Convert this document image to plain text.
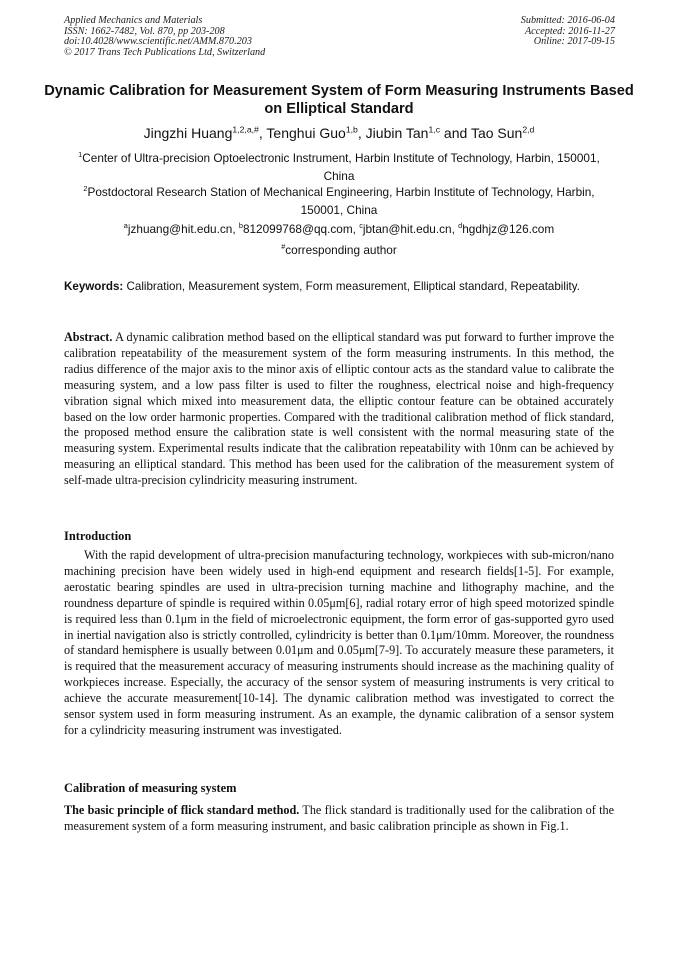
Applied Mechanics and Materials
ISSN: 1662-7482, Vol. 870, pp 203-208
doi:10.4028/www.scientific.net/AMM.870.203
© 2017 Trans Tech Publications Ltd, Switzerland
Submitted: 2016-06-04
Accepted: 2016-11-27
Online: 2017-09-15
Dynamic Calibration for Measurement System of Form Measuring Instruments Based on Elliptical Standard
Jingzhi Huang$^{1,2,a,\#}$, Tenghui Guo$^{1,b}$, Jiubin Tan$^{1,c}$ and Tao Sun$^{2,d}$
$^1$Center of Ultra-precision Optoelectronic Instrument, Harbin Institute of Technology, Harbin, 150001, China
$^2$Postdoctoral Research Station of Mechanical Engineering, Harbin Institute of Technology, Harbin, 150001, China
$^a$jzhuang@hit.edu.cn, $^b$812099768@qq.com, $^c$jbtan@hit.edu.cn, $^d$hgdhjz@126.com
#corresponding author
Keywords: Calibration, Measurement system, Form measurement, Elliptical standard, Repeatability.
Abstract. A dynamic calibration method based on the elliptical standard was put forward to further improve the calibration repeatability of the measurement system of the form measuring instruments. In this method, the radius difference of the major axis to the minor axis of elliptic contour acts as the standard value to calibrate the measuring system, and a low pass filter is used to filter the roughness, electrical noise and high-frequency vibration signal which mixed into measurement data, the elliptic contour feature can be obtained accurately based on the low order harmonic properties. Compared with the traditional calibration method of flick standard, the proposed method ensure the calibration state is well consistent with the normal measuring state of the measuring system. Experimental results indicate that the calibration repeatability with 10nm can be achieved by measuring an elliptical standard. This method has been used for the calibration of the measurement system of self-made ultra-precision cylindricity measuring instrument.
Introduction
With the rapid development of ultra-precision manufacturing technology, workpieces with sub-micron/nano machining precision have been widely used in high-end equipment and research fields[1-5]. For example, aerostatic bearing spindles are used in ultra-precision turning machine and lithography machine, and the roundness departure of spindle is required within 0.05μm[6], radial rotary error of high speed motorized spindle is required less than 0.1μm in the field of microelectronic equipment, the form error of gas-supported gyro used in inertial navigation also is strictly controlled, cylindricity is better than 0.1μm/10mm. Moreover, the roundness of standard hemisphere is usually between 0.01μm and 0.05μm[7-9]. To accurately measure these parameters, it is required that the measurement accuracy of measuring instruments should increase as the machining quality of workpieces increase. Especially, the accuracy of the sensor system of measuring instruments is very critical to achieve the accurate measurement[10-14]. The dynamic calibration method was investigated to correct the sensor system used in form measuring instrument. As an example, the dynamic calibration of a sensor system for a cylindricity measuring instrument was investigated.
Calibration of measuring system
The basic principle of flick standard method. The flick standard is traditionally used for the calibration of the measurement system of a form measuring instrument, and basic calibration principle as shown in Fig.1.
